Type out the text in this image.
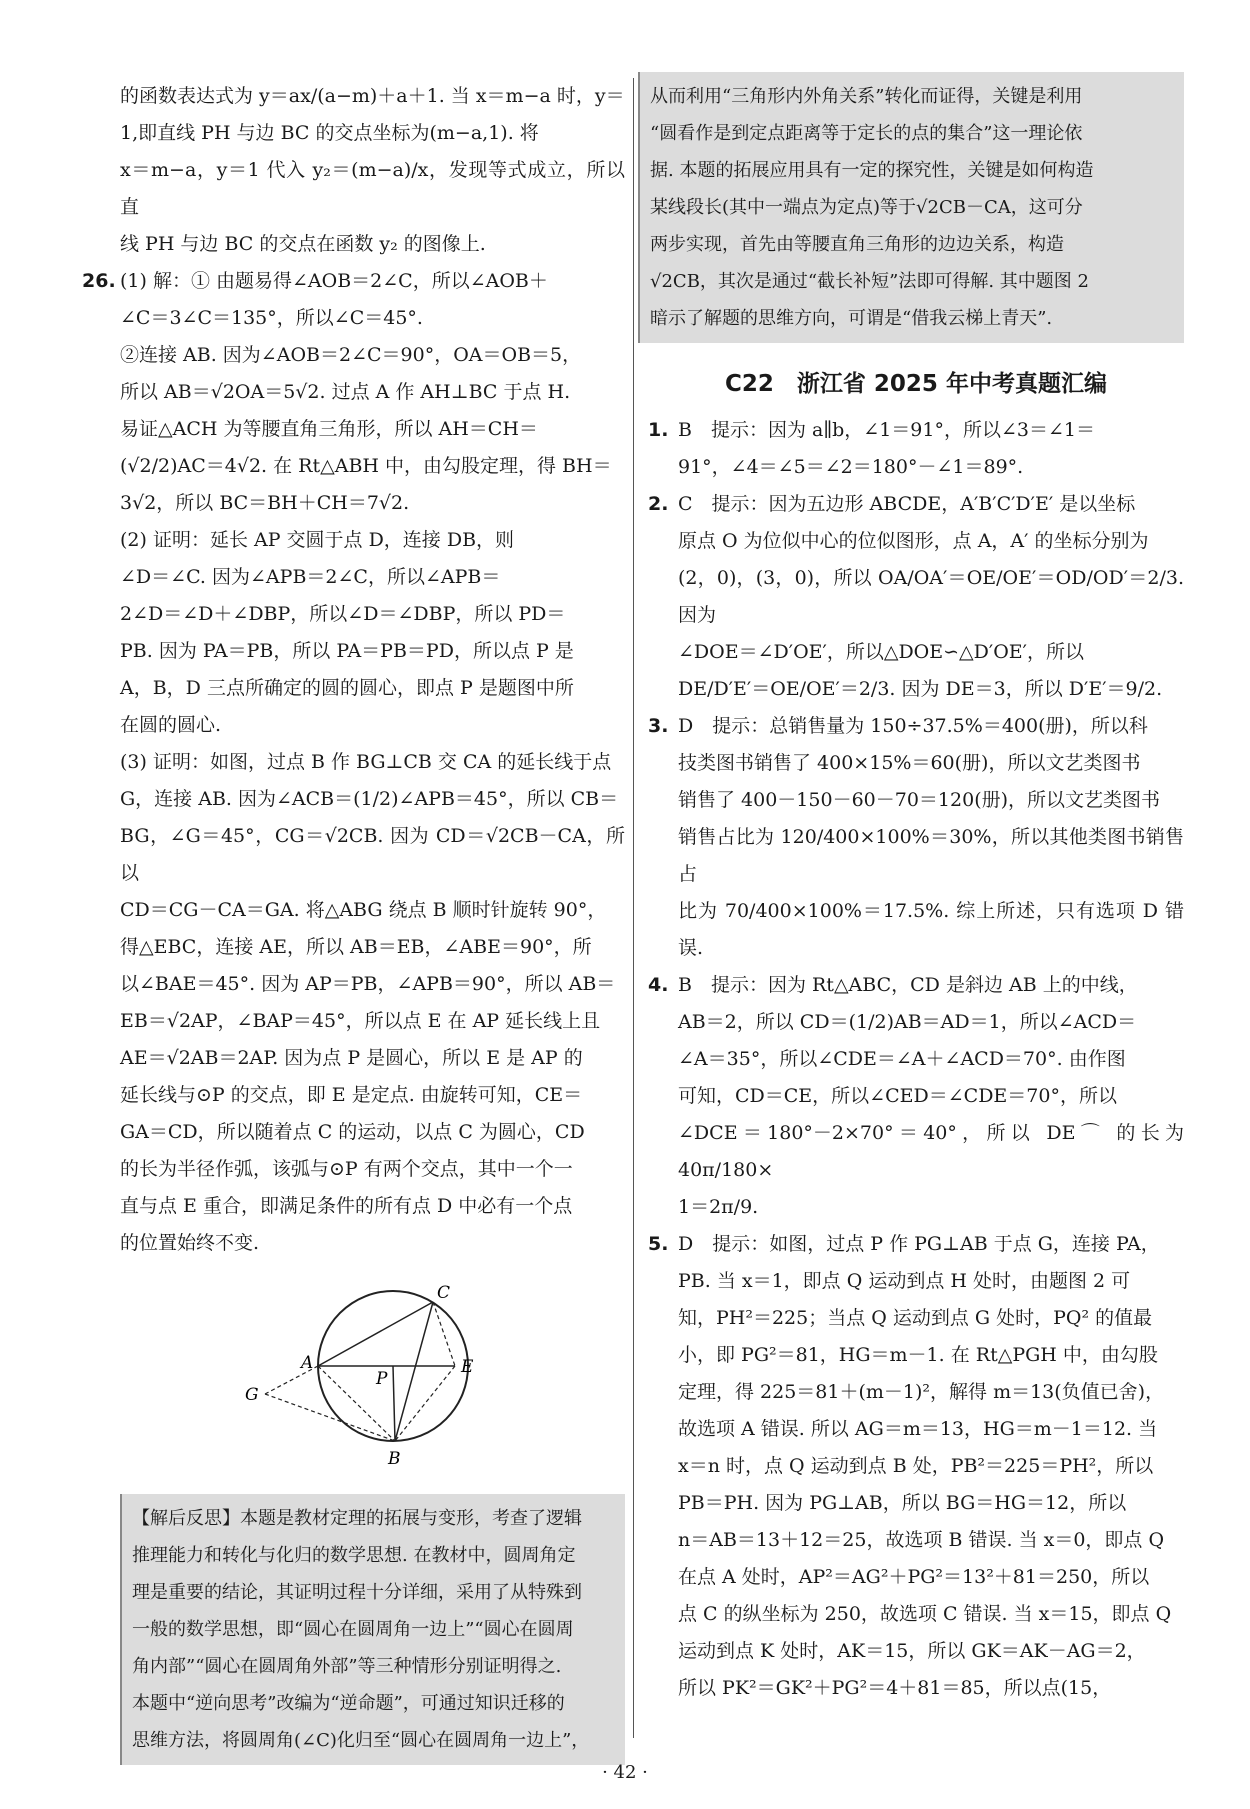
的函数表达式为 y＝ax/(a−m)＋a＋1. 当 x＝m−a 时，y＝

1,即直线 PH 与边 BC 的交点坐标为(m−a,1). 将

x＝m−a，y＝1 代入 y₂＝(m−a)/x，发现等式成立，所以直

线 PH 与边 BC 的交点在函数 y₂ 的图像上.

26. (1) 解：① 由题易得∠AOB＝2∠C，所以∠AOB＋

∠C＝3∠C＝135°，所以∠C＝45°.

②连接 AB. 因为∠AOB＝2∠C＝90°，OA＝OB＝5，

所以 AB＝√2OA＝5√2. 过点 A 作 AH⊥BC 于点 H.

易证△ACH 为等腰直角三角形，所以 AH＝CH＝

(√2/2)AC＝4√2. 在 Rt△ABH 中，由勾股定理，得 BH＝

3√2，所以 BC＝BH＋CH＝7√2.

(2) 证明：延长 AP 交圆于点 D，连接 DB，则

∠D＝∠C. 因为∠APB＝2∠C，所以∠APB＝

2∠D＝∠D＋∠DBP，所以∠D＝∠DBP，所以 PD＝

PB. 因为 PA＝PB，所以 PA＝PB＝PD，所以点 P 是

A，B，D 三点所确定的圆的圆心，即点 P 是题图中所

在圆的圆心.

(3) 证明：如图，过点 B 作 BG⊥CB 交 CA 的延长线于点

G，连接 AB. 因为∠ACB＝(1/2)∠APB＝45°，所以 CB＝

BG，∠G＝45°，CG＝√2CB. 因为 CD＝√2CB－CA，所以

CD＝CG－CA＝GA. 将△ABG 绕点 B 顺时针旋转 90°，

得△EBC，连接 AE，所以 AB＝EB，∠ABE＝90°，所

以∠BAE＝45°. 因为 AP＝PB，∠APB＝90°，所以 AB＝

EB＝√2AP，∠BAP＝45°，所以点 E 在 AP 延长线上且

AE＝√2AB＝2AP. 因为点 P 是圆心，所以 E 是 AP 的

延长线与⊙P 的交点，即 E 是定点. 由旋转可知，CE＝

GA＝CD，所以随着点 C 的运动，以点 C 为圆心，CD

的长为半径作弧，该弧与⊙P 有两个交点，其中一个一

直与点 E 重合，即满足条件的所有点 D 中必有一个点

的位置始终不变.

A
B
C
E
G
P

【解后反思】本题是教材定理的拓展与变形，考查了逻辑

推理能力和转化与化归的数学思想. 在教材中，圆周角定

理是重要的结论，其证明过程十分详细，采用了从特殊到

一般的数学思想，即“圆心在圆周角一边上”“圆心在圆周

角内部”“圆心在圆周角外部”等三种情形分别证明得之.

本题中“逆向思考”改编为“逆命题”，可通过知识迁移的

思维方法，将圆周角(∠C)化归至“圆心在圆周角一边上”，

从而利用“三角形内外角关系”转化而证得，关键是利用

“圆看作是到定点距离等于定长的点的集合”这一理论依

据. 本题的拓展应用具有一定的探究性，关键是如何构造

某线段长(其中一端点为定点)等于√2CB－CA，这可分

两步实现，首先由等腰直角三角形的边边关系，构造

√2CB，其次是通过“截长补短”法即可得解. 其中题图 2

暗示了解题的思维方向，可谓是“借我云梯上青天”.

C22　浙江省 2025 年中考真题汇编
1. B　提示：因为 a∥b，∠1＝91°，所以∠3＝∠1＝

91°，∠4＝∠5＝∠2＝180°－∠1＝89°.

2. C　提示：因为五边形 ABCDE，A′B′C′D′E′ 是以坐标

原点 O 为位似中心的位似图形，点 A，A′ 的坐标分别为

(2，0)，(3，0)，所以 OA/OA′＝OE/OE′＝OD/OD′＝2/3. 因为

∠DOE＝∠D′OE′，所以△DOE∽△D′OE′，所以

DE/D′E′＝OE/OE′＝2/3. 因为 DE＝3，所以 D′E′＝9/2.

3. D　提示：总销售量为 150÷37.5%＝400(册)，所以科

技类图书销售了 400×15%＝60(册)，所以文艺类图书

销售了 400－150－60－70＝120(册)，所以文艺类图书

销售占比为 120/400×100%＝30%，所以其他类图书销售占

比为 70/400×100%＝17.5%. 综上所述，只有选项 D 错误.

4. B　提示：因为 Rt△ABC，CD 是斜边 AB 上的中线，

AB＝2，所以 CD＝(1/2)AB＝AD＝1，所以∠ACD＝

∠A＝35°，所以∠CDE＝∠A＋∠ACD＝70°. 由作图

可知，CD＝CE，所以∠CED＝∠CDE＝70°，所以

∠DCE＝180°－2×70°＝40°，所以 DE⌒ 的长为 40π/180×

1＝2π/9.

5. D　提示：如图，过点 P 作 PG⊥AB 于点 G，连接 PA，

PB. 当 x＝1，即点 Q 运动到点 H 处时，由题图 2 可

知，PH²＝225；当点 Q 运动到点 G 处时，PQ² 的值最

小，即 PG²＝81，HG＝m－1. 在 Rt△PGH 中，由勾股

定理，得 225＝81＋(m－1)²，解得 m＝13(负值已舍)，

故选项 A 错误. 所以 AG＝m＝13，HG＝m－1＝12. 当

x＝n 时，点 Q 运动到点 B 处，PB²＝225＝PH²，所以

PB＝PH. 因为 PG⊥AB，所以 BG＝HG＝12，所以

n＝AB＝13＋12＝25，故选项 B 错误. 当 x＝0，即点 Q

在点 A 处时，AP²＝AG²＋PG²＝13²＋81＝250，所以

点 C 的纵坐标为 250，故选项 C 错误. 当 x＝15，即点 Q

运动到点 K 处时，AK＝15，所以 GK＝AK－AG＝2，

所以 PK²＝GK²＋PG²＝4＋81＝85，所以点(15，

· 42 ·
